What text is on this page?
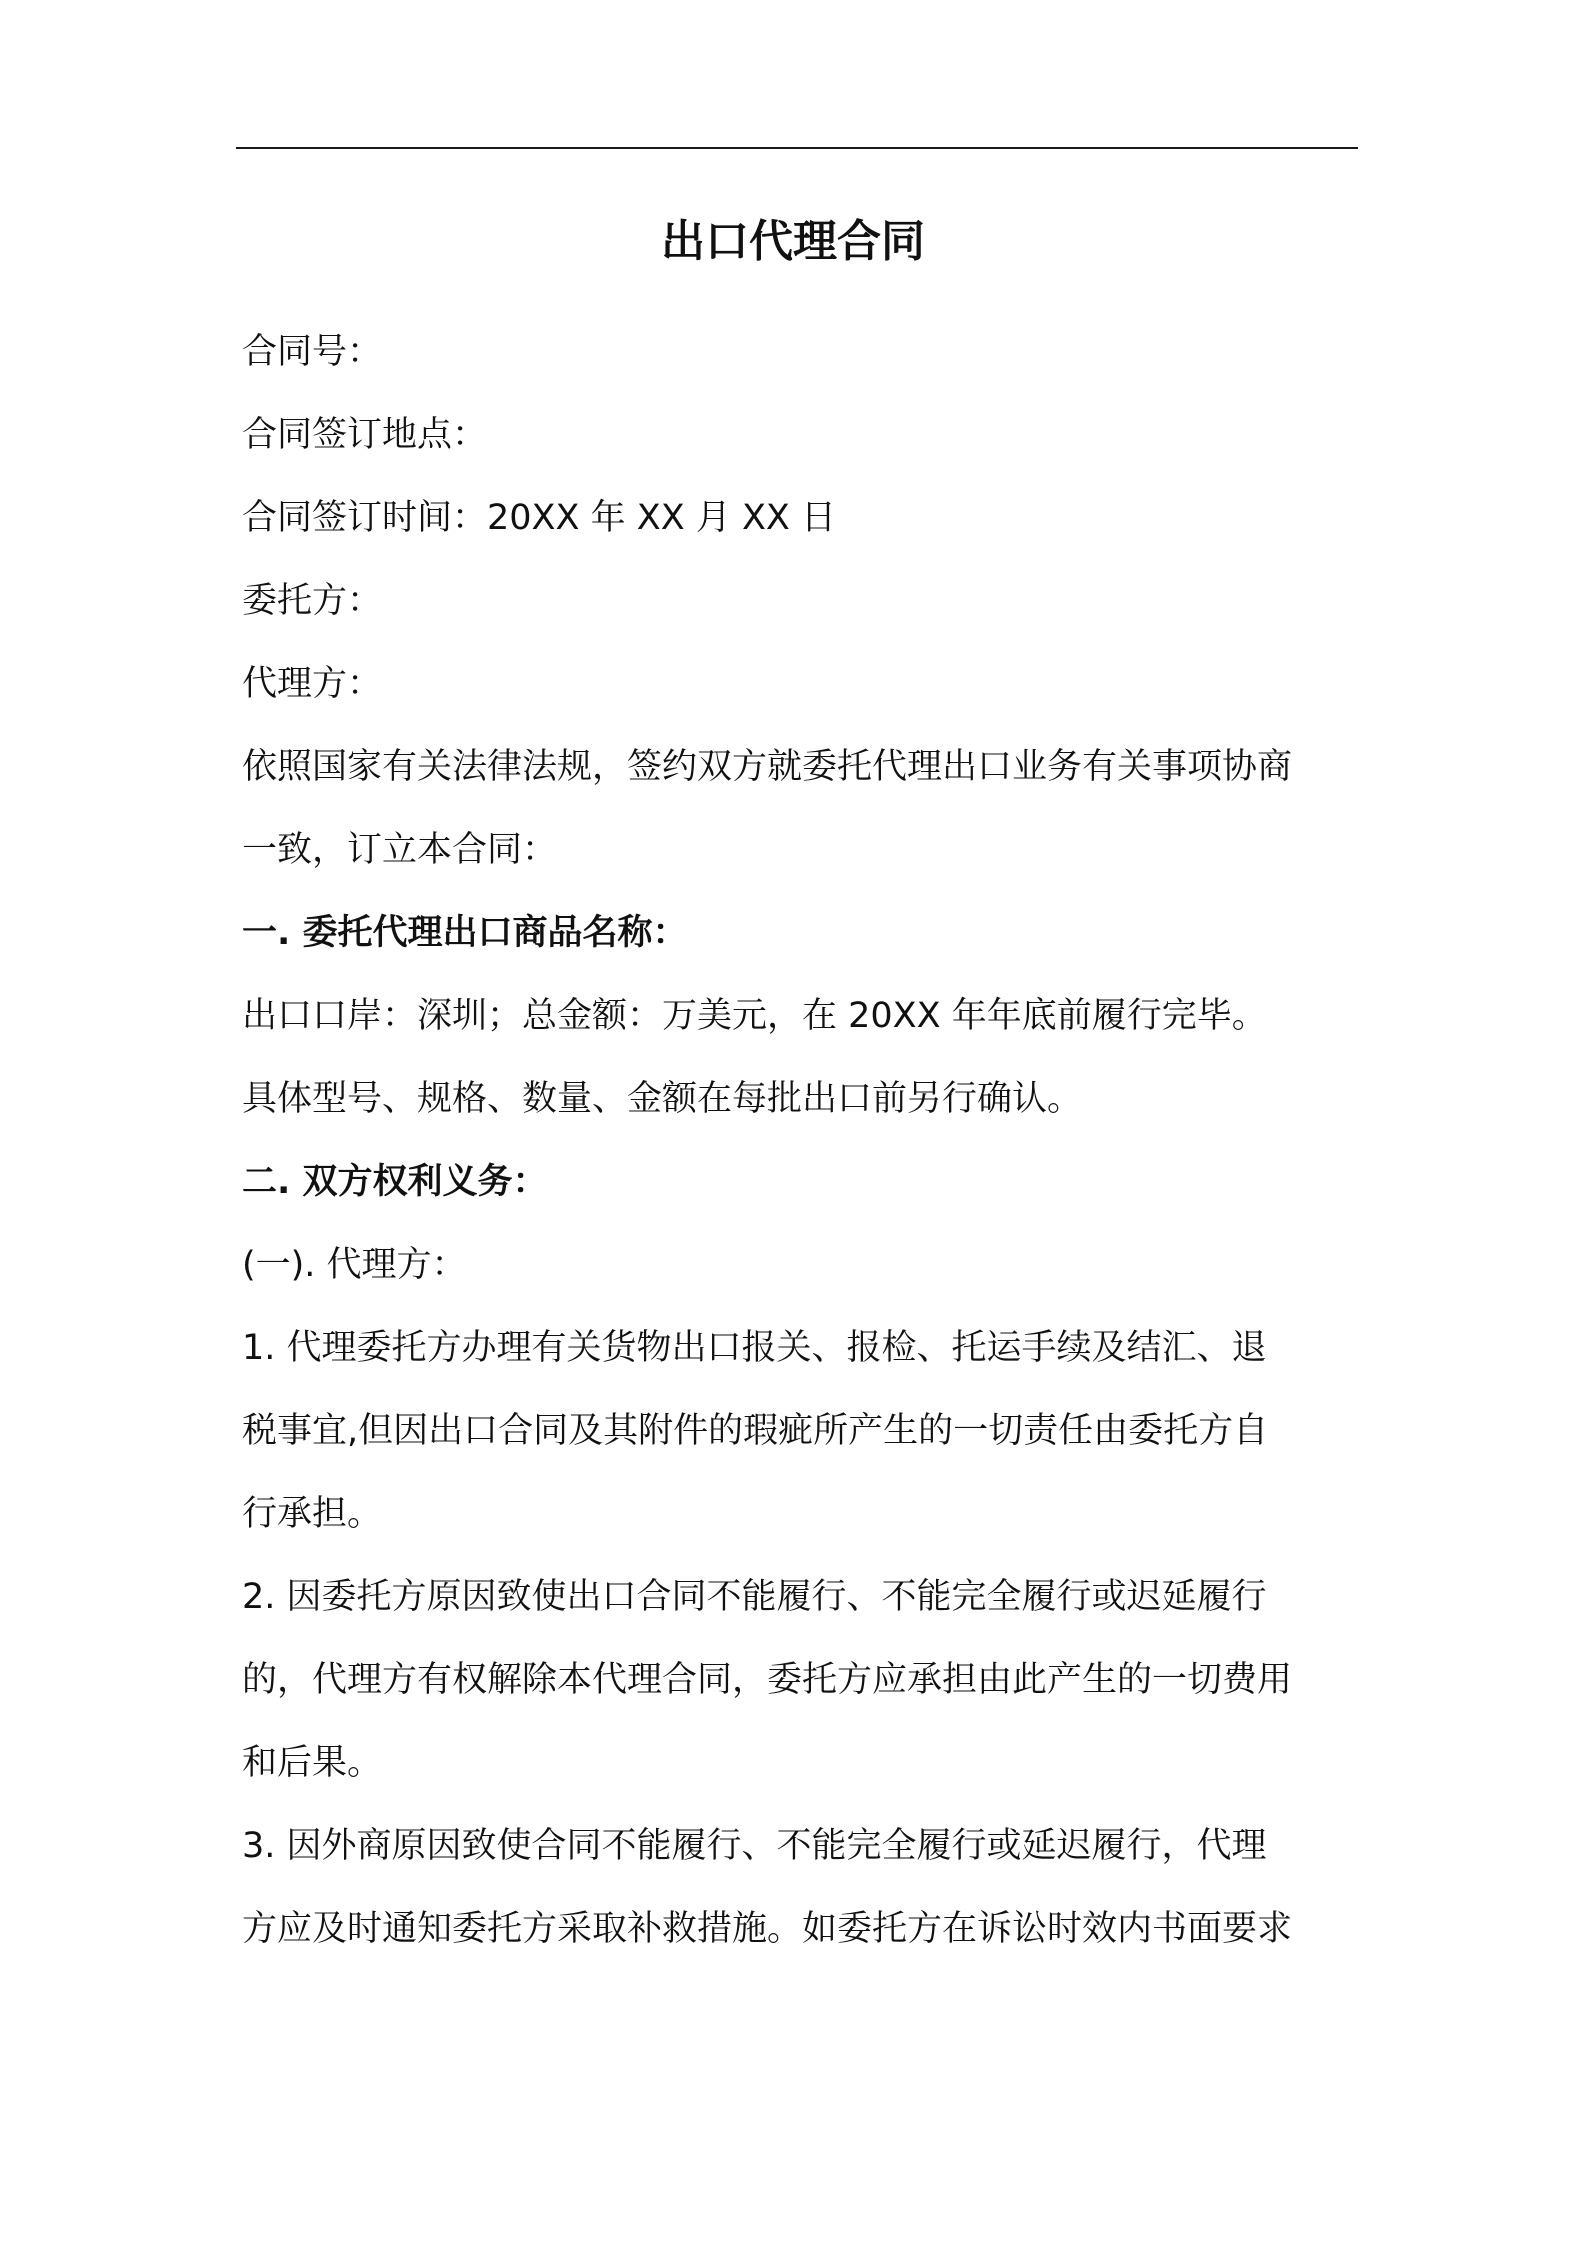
出口代理合同

合同号：

合同签订地点：

合同签订时间：20XX 年 XX 月 XX 日

委托方：

代理方：

依照国家有关法律法规，签约双方就委托代理出口业务有关事项协商

一致，订立本合同：

一. 委托代理出口商品名称：

出口口岸：深圳；总金额：万美元，在 20XX 年年底前履行完毕。

具体型号、规格、数量、金额在每批出口前另行确认。

二. 双方权利义务：

(一). 代理方：

1. 代理委托方办理有关货物出口报关、报检、托运手续及结汇、退

税事宜,但因出口合同及其附件的瑕疵所产生的一切责任由委托方自

行承担。

2. 因委托方原因致使出口合同不能履行、不能完全履行或迟延履行

的，代理方有权解除本代理合同，委托方应承担由此产生的一切费用

和后果。

3. 因外商原因致使合同不能履行、不能完全履行或延迟履行，代理

方应及时通知委托方采取补救措施。如委托方在诉讼时效内书面要求
